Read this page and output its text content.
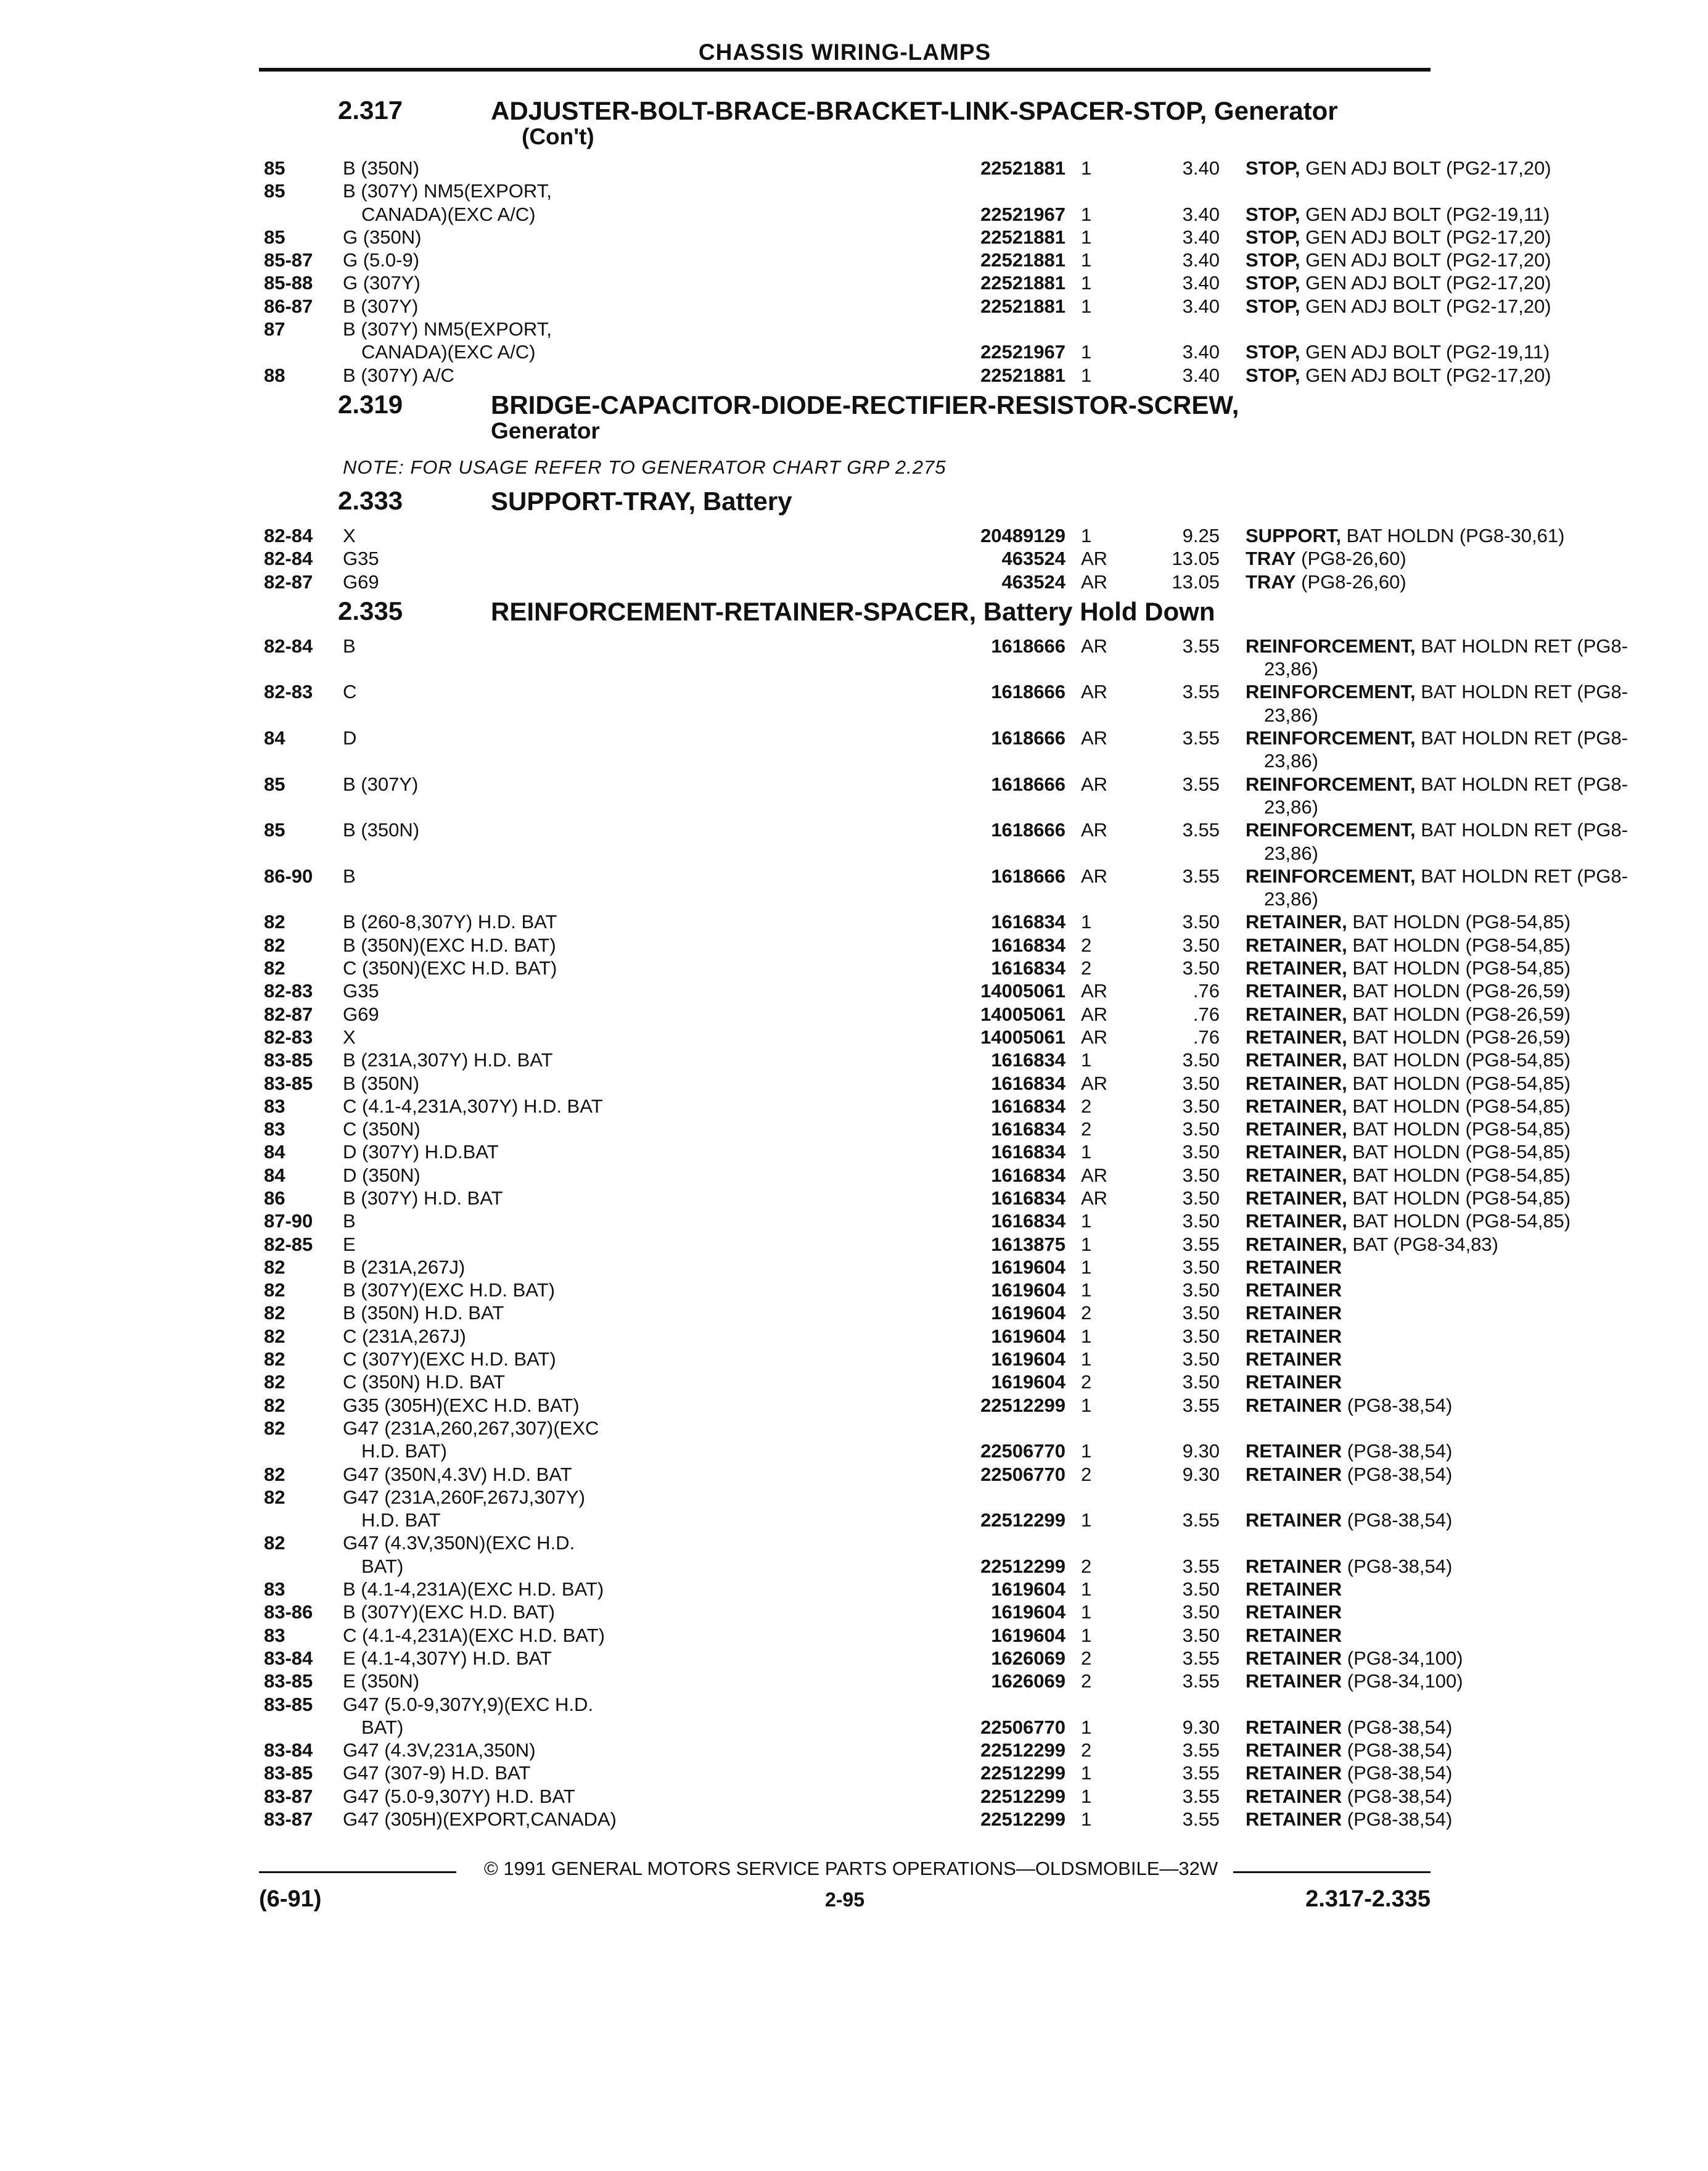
CHASSIS WIRING-LAMPS
2.317	ADJUSTER-BOLT-BRACE-BRACKET-LINK-SPACER-STOP, Generator
(Con't)
85	B (350N)	22521881 1	3.40 STOP, GEN ADJ BOLT (PG2-17,20)
85	B (307Y) NM5(EXPORT,
CANADA)(EXC A/C)	22521967 1	3.40 STOP, GEN ADJ BOLT (PG2-19,11)
85	G (350N)	22521881 1	3.40 STOP, GEN ADJ BOLT (PG2-17,20)
85-87	G (5.0-9)	22521881 1	3.40 STOP, GEN ADJ BOLT (PG2-17,20)
85-88	G (307Y)	22521881 1	3.40 STOP, GEN ADJ BOLT (PG2-17,20)
86-87	B (307Y)	22521881 1	3.40 STOP, GEN ADJ BOLT (PG2-17,20)
87	B (307Y) NM5(EXPORT,
CANADA)(EXC A/C)	22521967 1	3.40 STOP, GEN ADJ BOLT (PG2-19,11)
88	B (307Y) A/C	22521881 1	3.40 STOP, GEN ADJ BOLT (PG2-17,20)
2.319	BRIDGE-CAPACITOR-DIODE-RECTIFIER-RESISTOR-SCREW,
Generator
NOTE: FOR USAGE REFER TO GENERATOR CHART GRP 2.275
2.333	SUPPORT-TRAY, Battery
82-84	X	20489129 1	9.25 SUPPORT, BAT HOLDN (PG8-30,61)
82-84	G35	463524 AR	13.05 TRAY (PG8-26,60)
82-87	G69	463524 AR	13.05 TRAY (PG8-26,60)
2.335	REINFORCEMENT-RETAINER-SPACER, Battery Hold Down
82-84	B	1618666 AR	3.55 REINFORCEMENT, BAT HOLDN RET (PG8-
23,86)
82-83	C	1618666 AR	3.55 REINFORCEMENT, BAT HOLDN RET (PG8-
23,86)
84	D	1618666 AR	3.55 REINFORCEMENT, BAT HOLDN RET (PG8-
23,86)
85	B (307Y)	1618666 AR	3.55 REINFORCEMENT, BAT HOLDN RET (PG8-
23,86)
85	B (350N)	1618666 AR	3.55 REINFORCEMENT, BAT HOLDN RET (PG8-
23,86)
86-90	B	1618666 AR	3.55 REINFORCEMENT, BAT HOLDN RET (PG8-
23,86)
82	B (260-8,307Y) H.D. BAT	1616834 1	3.50 RETAINER, BAT HOLDN (PG8-54,85)
82	B (350N)(EXC H.D. BAT)	1616834 2	3.50 RETAINER, BAT HOLDN (PG8-54,85)
82	C (350N)(EXC H.D. BAT)	1616834 2	3.50 RETAINER, BAT HOLDN (PG8-54,85)
82-83	G35	14005061 AR	.76 RETAINER, BAT HOLDN (PG8-26,59)
82-87	G69	14005061 AR	.76 RETAINER, BAT HOLDN (PG8-26,59)
82-83	X	14005061 AR	.76 RETAINER, BAT HOLDN (PG8-26,59)
83-85	B (231A,307Y) H.D. BAT	1616834 1	3.50 RETAINER, BAT HOLDN (PG8-54,85)
83-85	B (350N)	1616834 AR	3.50 RETAINER, BAT HOLDN (PG8-54,85)
83	C (4.1-4,231A,307Y) H.D. BAT	1616834 2	3.50 RETAINER, BAT HOLDN (PG8-54,85)
83	C (350N)	1616834 2	3.50 RETAINER, BAT HOLDN (PG8-54,85)
84	D (307Y) H.D.BAT	1616834 1	3.50 RETAINER, BAT HOLDN (PG8-54,85)
84	D (350N)	1616834 AR	3.50 RETAINER, BAT HOLDN (PG8-54,85)
86	B (307Y) H.D. BAT	1616834 AR	3.50 RETAINER, BAT HOLDN (PG8-54,85)
87-90	B	1616834 1	3.50 RETAINER, BAT HOLDN (PG8-54,85)
82-85	E	1613875 1	3.55 RETAINER, BAT (PG8-34,83)
82	B (231A,267J)	1619604 1	3.50 RETAINER
82	B (307Y)(EXC H.D. BAT)	1619604 1	3.50 RETAINER
82	B (350N) H.D. BAT	1619604 2	3.50 RETAINER
82	C (231A,267J)	1619604 1	3.50 RETAINER
82	C (307Y)(EXC H.D. BAT)	1619604 1	3.50 RETAINER
82	C (350N) H.D. BAT	1619604 2	3.50 RETAINER
82	G35 (305H)(EXC H.D. BAT)	22512299 1	3.55 RETAINER (PG8-38,54)
82	G47 (231A,260,267,307)(EXC
H.D. BAT)	22506770 1	9.30 RETAINER (PG8-38,54)
82	G47 (350N,4.3V) H.D. BAT	22506770 2	9.30 RETAINER (PG8-38,54)
82	G47 (231A,260F,267J,307Y)
H.D. BAT	22512299 1	3.55 RETAINER (PG8-38,54)
82	G47 (4.3V,350N)(EXC H.D.
BAT)	22512299 2	3.55 RETAINER (PG8-38,54)
83	B (4.1-4,231A)(EXC H.D. BAT)	1619604 1	3.50 RETAINER
83-86	B (307Y)(EXC H.D. BAT)	1619604 1	3.50 RETAINER
83	C (4.1-4,231A)(EXC H.D. BAT)	1619604 1	3.50 RETAINER
83-84	E (4.1-4,307Y) H.D. BAT	1626069 2	3.55 RETAINER (PG8-34,100)
83-85	E (350N)	1626069 2	3.55 RETAINER (PG8-34,100)
83-85	G47 (5.0-9,307Y,9)(EXC H.D.
BAT)	22506770 1	9.30 RETAINER (PG8-38,54)
83-84	G47 (4.3V,231A,350N)	22512299 2	3.55 RETAINER (PG8-38,54)
83-85	G47 (307-9) H.D. BAT	22512299 1	3.55 RETAINER (PG8-38,54)
83-87	G47 (5.0-9,307Y) H.D. BAT	22512299 1	3.55 RETAINER (PG8-38,54)
83-87	G47 (305H)(EXPORT,CANADA)	22512299 1	3.55 RETAINER (PG8-38,54)
© 1991 GENERAL MOTORS SERVICE PARTS OPERATIONS—OLDSMOBILE—32W
(6-91)	2-95	2.317-2.335
